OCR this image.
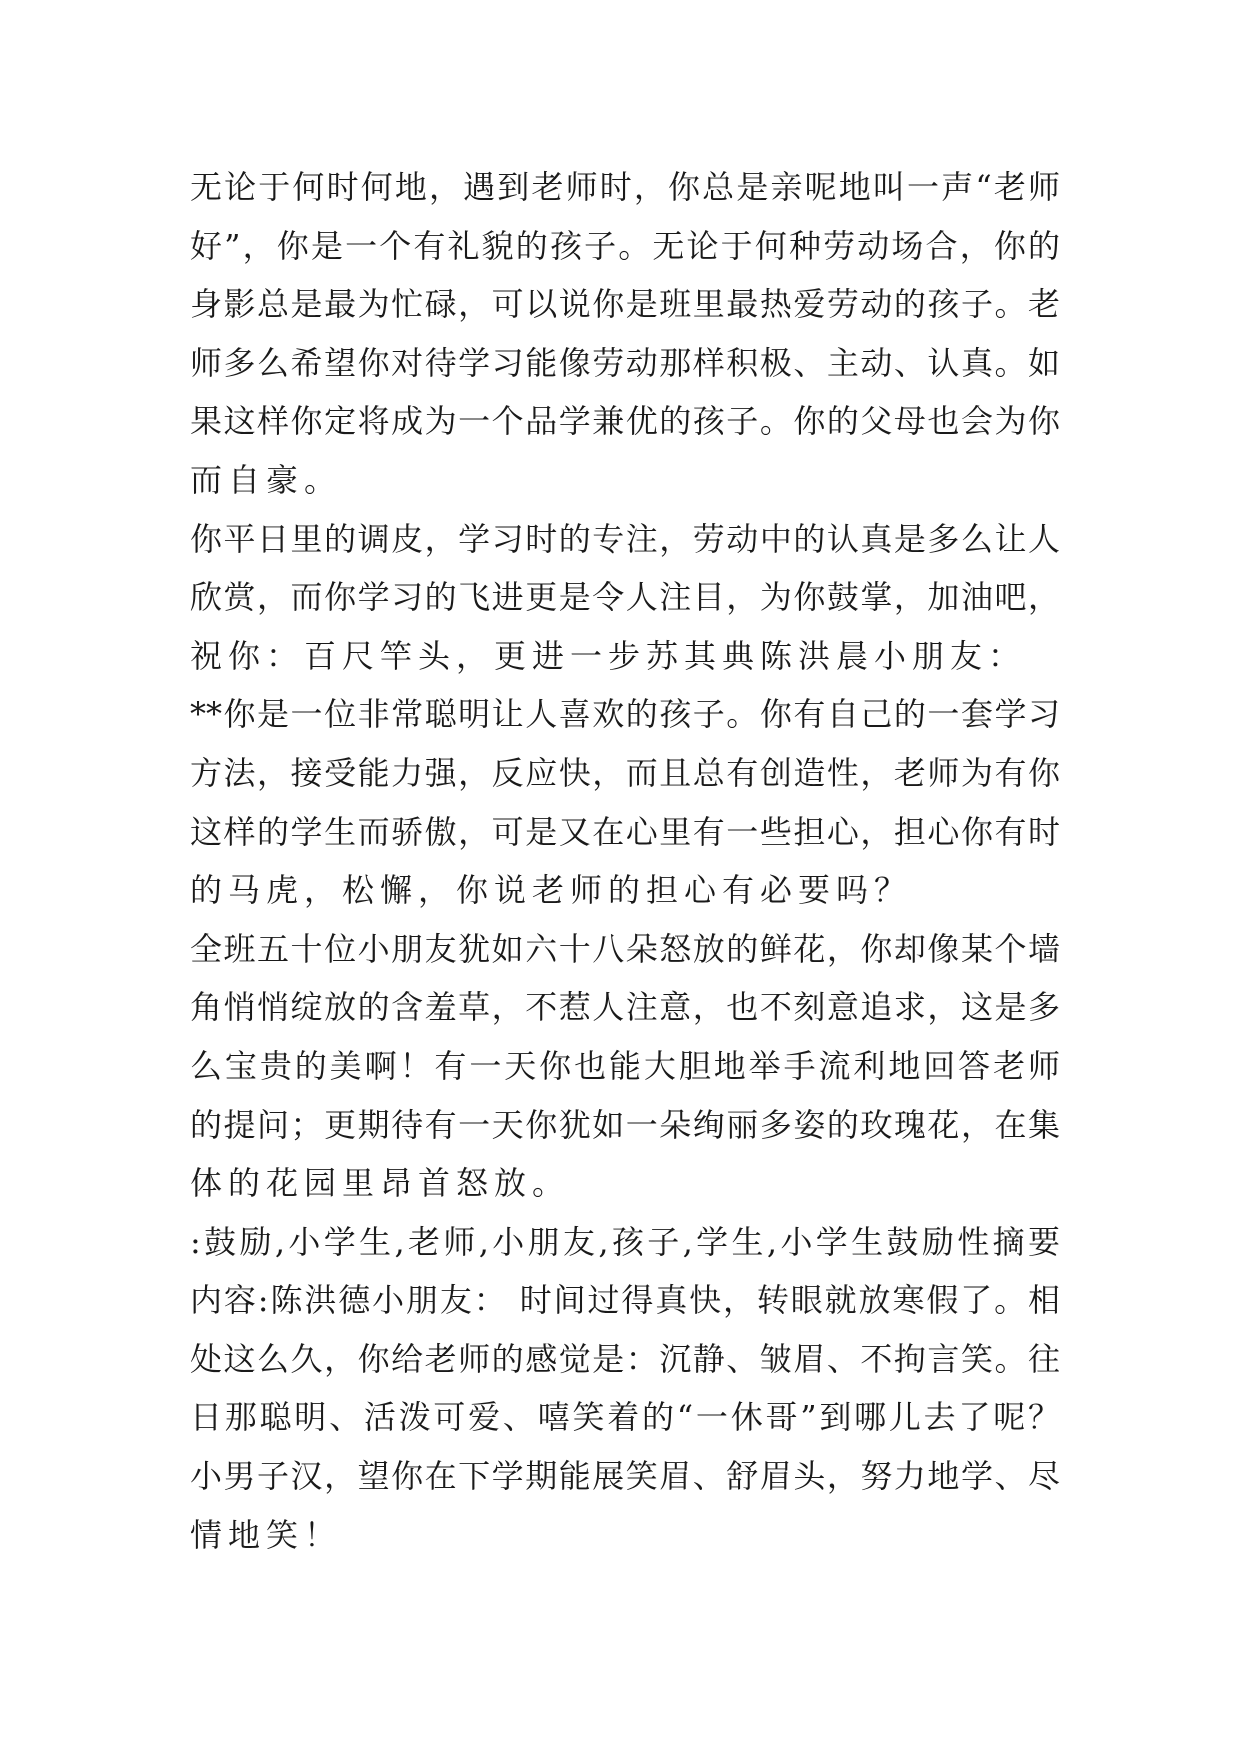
无论于何时何地，遇到老师时，你总是亲呢地叫一声“老师
好”，你是一个有礼貌的孩子。无论于何种劳动场合，你的
身影总是最为忙碌，可以说你是班里最热爱劳动的孩子。老
师多么希望你对待学习能像劳动那样积极、主动、认真。如
果这样你定将成为一个品学兼优的孩子。你的父母也会为你
而自豪。
你平日里的调皮，学习时的专注，劳动中的认真是多么让人
欣赏，而你学习的飞进更是令人注目，为你鼓掌，加油吧，
祝你：百尺竿头，更进一步苏其典陈洪晨小朋友：
**你是一位非常聪明让人喜欢的孩子。你有自己的一套学习
方法，接受能力强，反应快，而且总有创造性，老师为有你
这样的学生而骄傲，可是又在心里有一些担心，担心你有时
的马虎，松懈，你说老师的担心有必要吗？
全班五十位小朋友犹如六十八朵怒放的鲜花，你却像某个墙
角悄悄绽放的含羞草，不惹人注意，也不刻意追求，这是多
么宝贵的美啊！有一天你也能大胆地举手流利地回答老师
的提问；更期待有一天你犹如一朵绚丽多姿的玫瑰花，在集
体的花园里昂首怒放。
:鼓励,小学生,老师,小朋友,孩子,学生,小学生鼓励性摘要
内容:陈洪德小朋友： 时间过得真快，转眼就放寒假了。相
处这么久，你给老师的感觉是：沉静、皱眉、不拘言笑。往
日那聪明、活泼可爱、嘻笑着的“一休哥”到哪儿去了呢？
小男子汉，望你在下学期能展笑眉、舒眉头，努力地学、尽
情地笑！
